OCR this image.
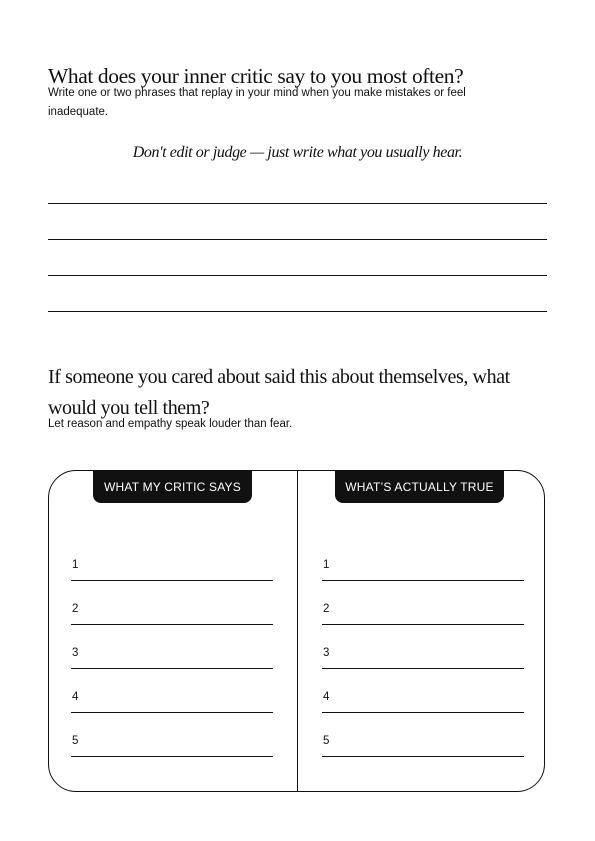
What does your inner critic say to you most often?
Write one or two phrases that replay in your mind when you make mistakes or feel inadequate.
Don't edit or judge — just write what you usually hear.
If someone you cared about said this about themselves, what would you tell them?
Let reason and empathy speak louder than fear.
WHAT MY CRITIC SAYS	WHAT’S ACTUALLY TRUE
1
2
3
4
5
1
2
3
4
5
